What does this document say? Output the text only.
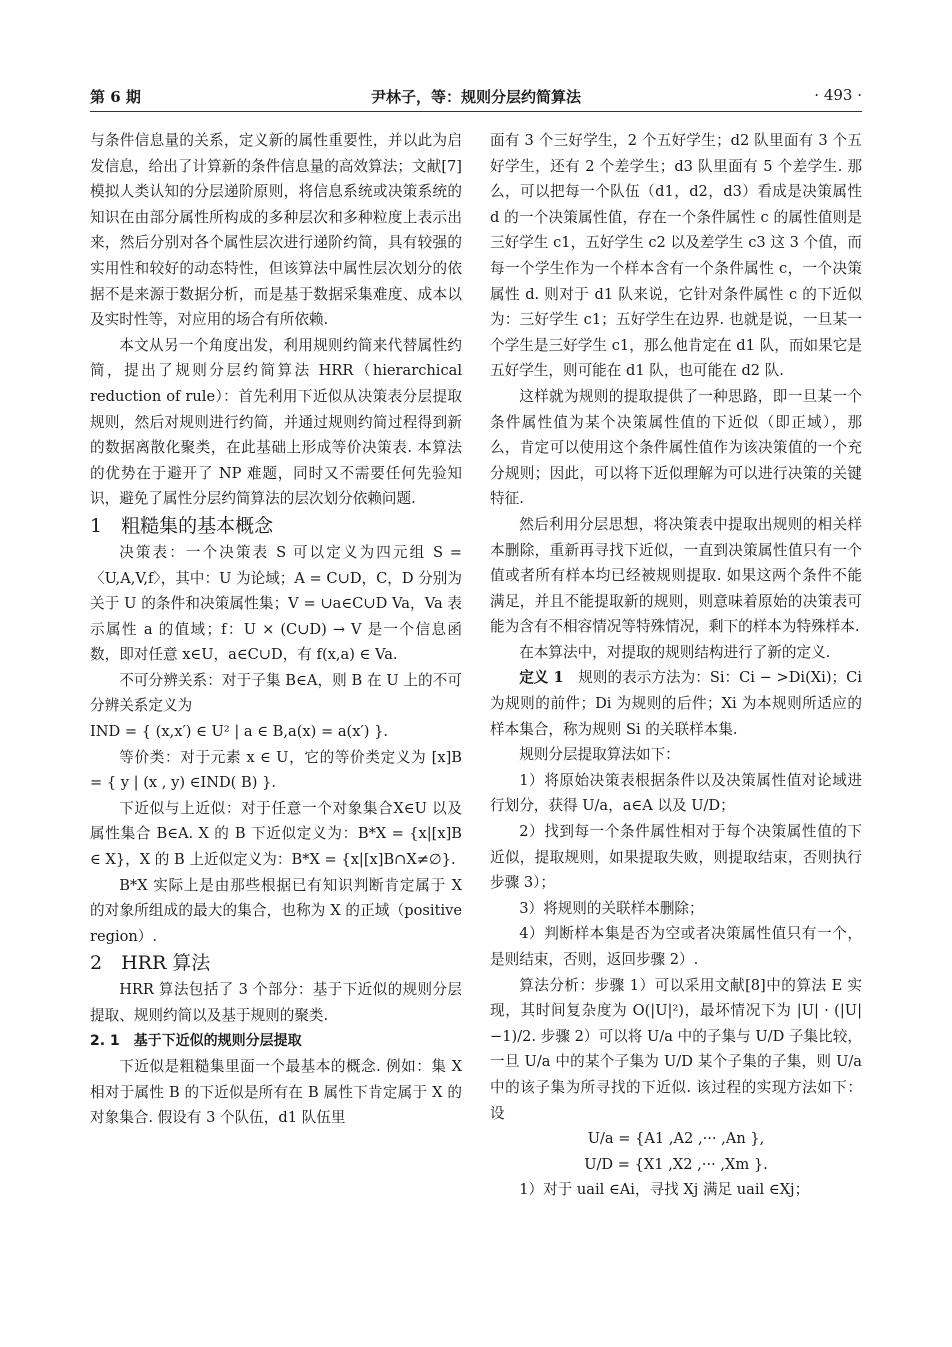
第 6 期	尹林子，等：规则分层约简算法	· 493 ·

与条件信息量的关系，定义新的属性重要性，并以此为启发信息，给出了计算新的条件信息量的高效算法；文献[7]模拟人类认知的分层递阶原则，将信息系统或决策系统的知识在由部分属性所构成的多种层次和多种粒度上表示出来，然后分别对各个属性层次进行递阶约简，具有较强的实用性和较好的动态特性，但该算法中属性层次划分的依据不是来源于数据分析，而是基于数据采集难度、成本以及实时性等，对应用的场合有所依赖.

本文从另一个角度出发，利用规则约简来代替属性约简，提出了规则分层约简算法 HRR（hierarchical reduction of rule）：首先利用下近似从决策表分层提取规则，然后对规则进行约简，并通过规则约简过程得到新的数据离散化聚类，在此基础上形成等价决策表. 本算法的优势在于避开了 NP 难题，同时又不需要任何先验知识，避免了属性分层约简算法的层次划分依赖问题.

1　粗糙集的基本概念

决策表：一个决策表 S 可以定义为四元组 S = 〈U,A,V,f〉，其中：U 为论域；A = C∪D，C，D 分别为关于 U 的条件和决策属性集；V = ∪a∈C∪D Va，Va 表示属性 a 的值域；f：U × (C∪D) → V 是一个信息函数，即对任意 x∈U，a∈C∪D，有 f(x,a) ∈ Va.

不可分辨关系：对于子集 B∈A，则 B 在 U 上的不可分辨关系定义为

IND = { (x,x′) ∈ U² | a ∈ B,a(x) = a(x′) }.

等价类：对于元素 x ∈ U，它的等价类定义为 [x]B = { y | (x , y) ∈IND( B) }.

下近似与上近似：对于任意一个对象集合X∈U 以及属性集合 B∈A. X 的 B 下近似定义为：B*X = {x|[x]B ∈ X}，X 的 B 上近似定义为：B*X = {x|[x]B∩X≠∅}.

B*X 实际上是由那些根据已有知识判断肯定属于 X 的对象所组成的最大的集合，也称为 X 的正域（positive region）.

2　HRR 算法

HRR 算法包括了 3 个部分：基于下近似的规则分层提取、规则约简以及基于规则的聚类.

2. 1　基于下近似的规则分层提取

下近似是粗糙集里面一个最基本的概念. 例如：集 X 相对于属性 B 的下近似是所有在 B 属性下肯定属于 X 的对象集合. 假设有 3 个队伍，d1 队伍里

面有 3 个三好学生，2 个五好学生；d2 队里面有 3 个五好学生，还有 2 个差学生；d3 队里面有 5 个差学生. 那么，可以把每一个队伍（d1，d2，d3）看成是决策属性 d 的一个决策属性值，存在一个条件属性 c 的属性值则是三好学生 c1，五好学生 c2 以及差学生 c3 这 3 个值，而每一个学生作为一个样本含有一个条件属性 c，一个决策属性 d. 则对于 d1 队来说，它针对条件属性 c 的下近似为：三好学生 c1；五好学生在边界. 也就是说，一旦某一个学生是三好学生 c1，那么他肯定在 d1 队，而如果它是五好学生，则可能在 d1 队，也可能在 d2 队.

这样就为规则的提取提供了一种思路，即一旦某一个条件属性值为某个决策属性值的下近似（即正域），那么，肯定可以使用这个条件属性值作为该决策值的一个充分规则；因此，可以将下近似理解为可以进行决策的关键特征.

然后利用分层思想，将决策表中提取出规则的相关样本删除，重新再寻找下近似，一直到决策属性值只有一个值或者所有样本均已经被规则提取. 如果这两个条件不能满足，并且不能提取新的规则，则意味着原始的决策表可能为含有不相容情况等特殊情况，剩下的样本为特殊样本.

在本算法中，对提取的规则结构进行了新的定义.

定义 1　规则的表示方法为：Si：Ci − >Di(Xi)；Ci 为规则的前件；Di 为规则的后件；Xi 为本规则所适应的样本集合，称为规则 Si 的关联样本集.

规则分层提取算法如下：

1）将原始决策表根据条件以及决策属性值对论域进行划分，获得 U/a，a∈A 以及 U/D；

2）找到每一个条件属性相对于每个决策属性值的下近似，提取规则，如果提取失败，则提取结束，否则执行步骤 3）；

3）将规则的关联样本删除；

4）判断样本集是否为空或者决策属性值只有一个，是则结束，否则，返回步骤 2）.

算法分析：步骤 1）可以采用文献[8]中的算法 E 实现，其时间复杂度为 O(|U|²)，最坏情况下为 |U| · (|U| −1)/2. 步骤 2）可以将 U/a 中的子集与 U/D 子集比较，一旦 U/a 中的某个子集为 U/D 某个子集的子集，则 U/a 中的该子集为所寻找的下近似. 该过程的实现方法如下：设

U/a = {A1 ,A2 ,··· ,An },

U/D = {X1 ,X2 ,··· ,Xm }.

1）对于 uail ∈Ai，寻找 Xj 满足 uail ∈Xj；
